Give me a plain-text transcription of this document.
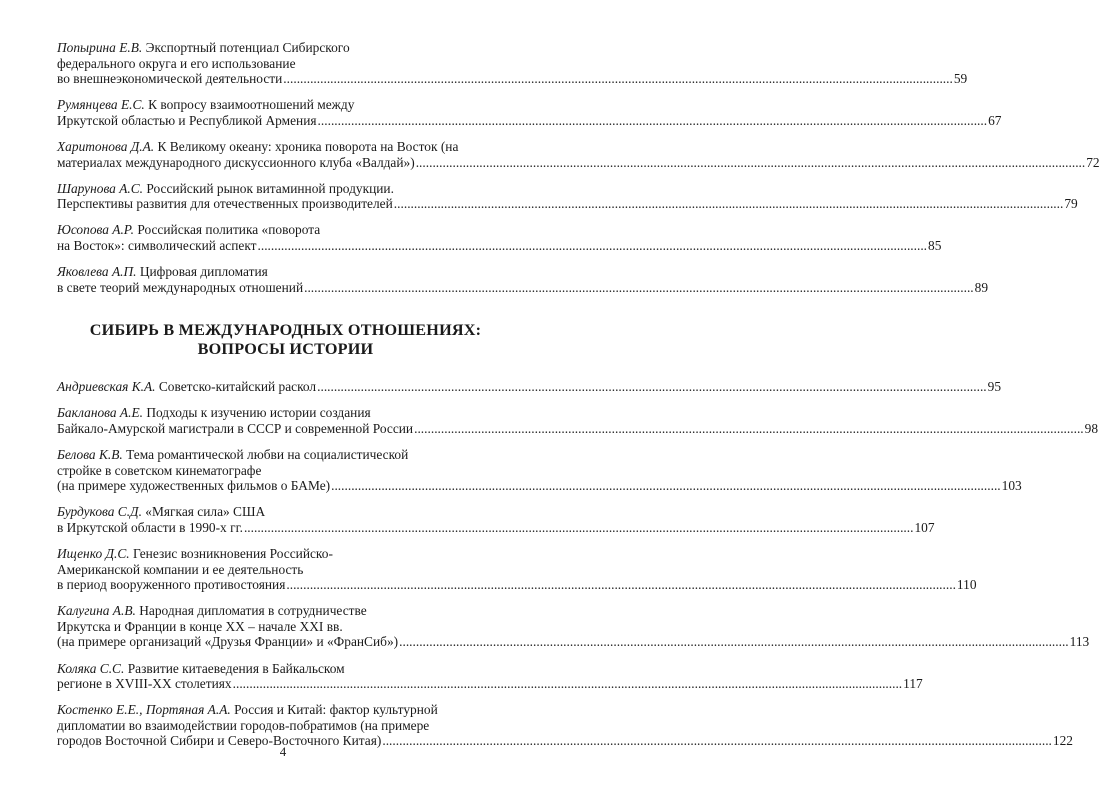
Попырина Е.В. Экспортный потенциал Сибирского
федерального округа и его использование
во внешнеэкономической деятельности ........................................................................................................................................................................................................ 59
Румянцева Е.С. К вопросу взаимоотношений между
Иркутской областью и Республикой Армения ........................................................................................................................................................................................................ 67
Харитонова Д.А. К Великому океану: хроника поворота на Восток (на
материалах международного дискуссионного клуба «Валдай») ........................................................................................................................................................................................................ 72
Шарунова А.С. Российский рынок витаминной продукции.
Перспективы развития для отечественных производителей ........................................................................................................................................................................................................ 79
Юсопова А.Р. Российская политика «поворота
на Восток»: символический аспект ........................................................................................................................................................................................................ 85
Яковлева А.П. Цифровая дипломатия
в свете теорий международных отношений ........................................................................................................................................................................................................ 89
СИБИРЬ В МЕЖДУНАРОДНЫХ ОТНОШЕНИЯХ:
ВОПРОСЫ ИСТОРИИ
Андриевская К.А. Советско-китайский раскол ........................................................................................................................................................................................................ 95
Бакланова А.Е. Подходы к изучению истории создания
Байкало-Амурской магистрали в СССР и современной России ........................................................................................................................................................................................................ 98
Белова К.В. Тема романтической любви на социалистической
стройке в советском кинематографе
(на примере художественных фильмов о БАМе) ........................................................................................................................................................................................................ 103
Бурдукова С.Д. «Мягкая сила» США
в Иркутской области в 1990-х гг. ........................................................................................................................................................................................................ 107
Ищенко Д.С. Генезис возникновения Российско-
Американской компании и ее деятельность
в период вооруженного противостояния ........................................................................................................................................................................................................ 110
Калугина А.В. Народная дипломатия в сотрудничестве
Иркутска и Франции в конце XX – начале XXI вв.
(на примере организаций «Друзья Франции» и «ФранСиб») ........................................................................................................................................................................................................ 113
Коляка С.С. Развитие китаеведения в Байкальском
регионе в XVIII-XX столетиях ........................................................................................................................................................................................................ 117
Костенко Е.Е., Портяная А.А. Россия и Китай: фактор культурной
дипломатии во взаимодействии городов-побратимов (на примере
городов Восточной Сибири и Северо-Восточного Китая) ........................................................................................................................................................................................................ 122
4
